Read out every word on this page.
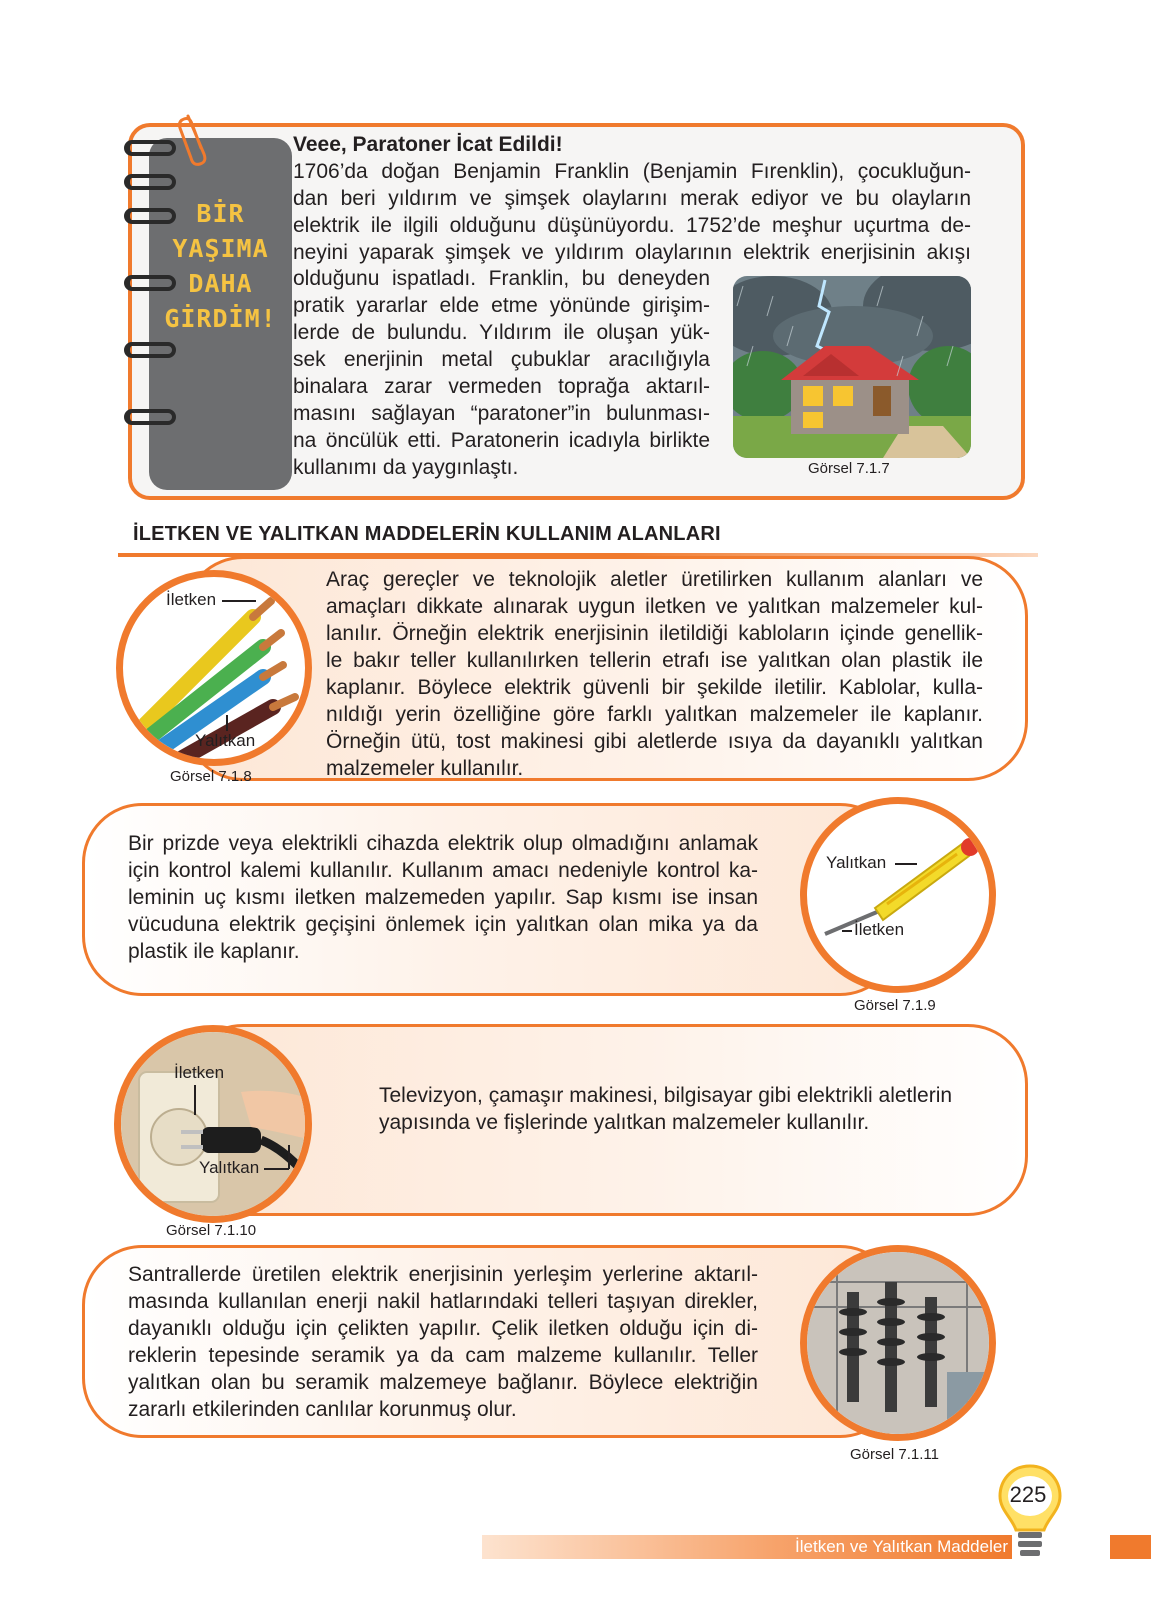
BİR
YAŞIMA
DAHA
GİRDİM!
Veee, Paratoner İcat Edildi!
1706’da doğan Benjamin Franklin (Benjamin Fırenklin), çocukluğun-
dan beri yıldırım ve şimşek olaylarını merak ediyor ve bu olayların
elektrik ile ilgili olduğunu düşünüyordu. 1752’de meşhur uçurtma de-
neyini yaparak şimşek ve yıldırım olaylarının elektrik enerjisinin akışı
olduğunu ispatladı. Franklin, bu deneyden
pratik yararlar elde etme yönünde girişim-
lerde de bulundu. Yıldırım ile oluşan yük-
sek enerjinin metal çubuklar aracılığıyla
binalara zarar vermeden toprağa aktarıl-
masını sağlayan “paratoner”in bulunması-
na öncülük etti. Paratonerin icadıyla birlikte
kullanımı da yaygınlaştı.	Görsel 7.1.7
İLETKEN VE YALITKAN MADDELERİN KULLANIM ALANLARI
İletken
Yalıtkan
Görsel 7.1.8
Araç gereçler ve teknolojik aletler üretilirken kullanım alanları ve
amaçları dikkate alınarak uygun iletken ve yalıtkan malzemeler kul-
lanılır. Örneğin elektrik enerjisinin iletildiği kabloların içinde genellik-
le bakır teller kullanılırken tellerin etrafı ise yalıtkan olan plastik ile
kaplanır. Böylece elektrik güvenli bir şekilde iletilir. Kablolar, kulla-
nıldığı yerin özelliğine göre farklı yalıtkan malzemeler ile kaplanır.
Örneğin ütü, tost makinesi gibi aletlerde ısıya da dayanıklı yalıtkan
malzemeler kullanılır.
Yalıtkan
İletken
Görsel 7.1.9
Bir prizde veya elektrikli cihazda elektrik olup olmadığını anlamak
için kontrol kalemi kullanılır. Kullanım amacı nedeniyle kontrol ka-
leminin uç kısmı iletken malzemeden yapılır. Sap kısmı ise insan
vücuduna elektrik geçişini önlemek için yalıtkan olan mika ya da
plastik ile kaplanır.
İletken
Yalıtkan
Görsel 7.1.10
Televizyon, çamaşır makinesi, bilgisayar gibi elektrikli aletlerin
yapısında ve fişlerinde yalıtkan malzemeler kullanılır.
Görsel 7.1.11
Santrallerde üretilen elektrik enerjisinin yerleşim yerlerine aktarıl-
masında kullanılan enerji nakil hatlarındaki telleri taşıyan direkler,
dayanıklı olduğu için çelikten yapılır. Çelik iletken olduğu için di-
reklerin tepesinde seramik ya da cam malzeme kullanılır. Teller
yalıtkan olan bu seramik malzemeye bağlanır. Böylece elektriğin
zararlı etkilerinden canlılar korunmuş olur.
İletken ve Yalıtkan Maddeler
225
